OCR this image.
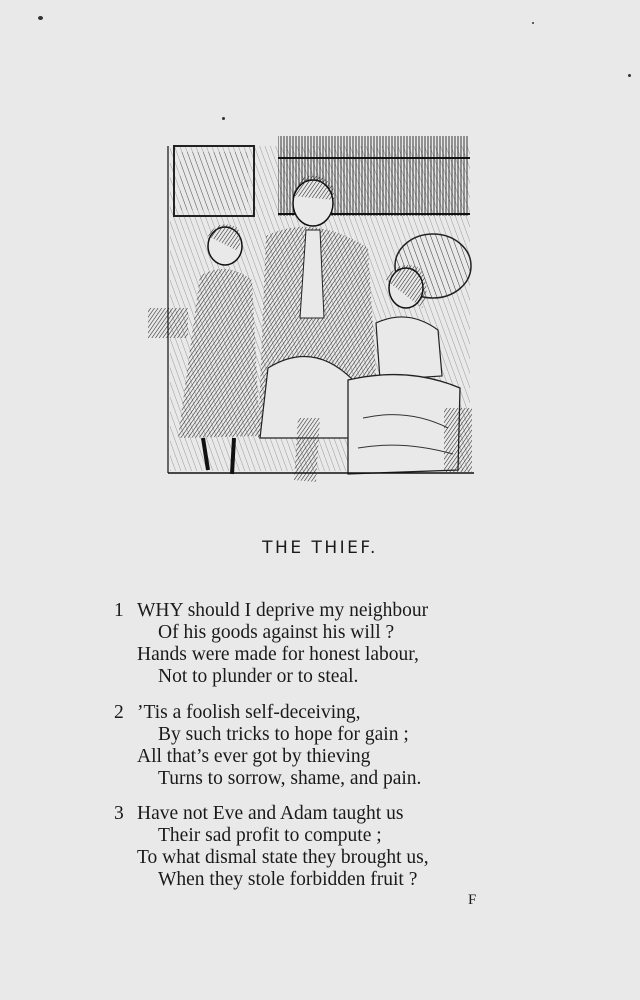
THE THIEF.
1 WHY should I deprive my neighbour
Of his goods against his will ?
Hands were made for honest labour,
Not to plunder or to steal.
2 ’Tis a foolish self-deceiving,
By such tricks to hope for gain ;
All that’s ever got by thieving
Turns to sorrow, shame, and pain.
3 Have not Eve and Adam taught us
Their sad profit to compute ;
To what dismal state they brought us,
When they stole forbidden fruit ?
F
